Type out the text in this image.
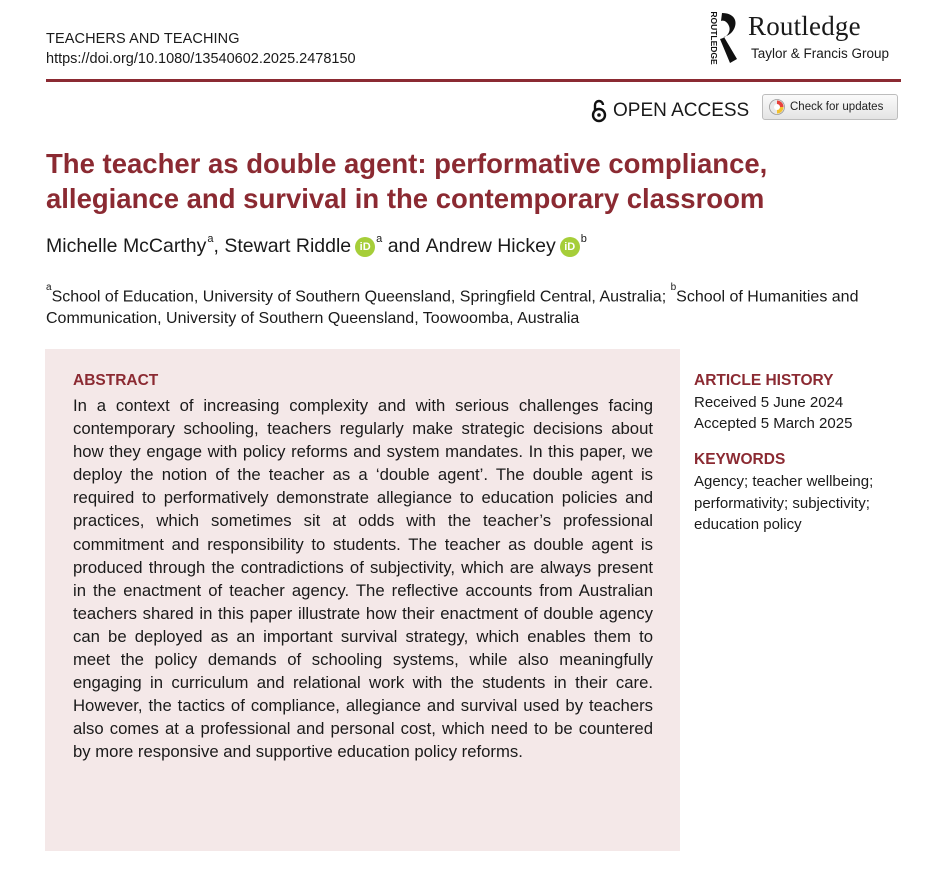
TEACHERS AND TEACHING
https://doi.org/10.1080/13540602.2025.2478150	ROUTLEDGE Routledge
Taylor & Francis Group
OPEN ACCESS	Check for updates
The teacher as double agent: performative compliance, allegiance and survival in the contemporary classroom
Michelle McCarthy$^a$ , Stewart Riddle iD
$^a$ and Andrew Hickey iD
$^b$
$^a$School of Education, University of Southern Queensland, Springfield Central, Australia; $^b$School of Humanities and Communication, University of Southern Queensland, Toowoomba, Australia
ABSTRACT
In a context of increasing complexity and with serious challenges facing contemporary schooling, teachers regularly make strategic decisions about how they engage with policy reforms and system mandates. In this paper, we deploy the notion of the teacher as a ‘double agent’. The double agent is required to performatively demonstrate allegiance to education policies and practices, which sometimes sit at odds with the teacher’s professional commitment and responsibility to students. The teacher as double agent is produced through the contradictions of subjectivity, which are always present in the enactment of teacher agency. The reflective accounts from Australian teachers shared in this paper illustrate how their enactment of double agency can be deployed as an important survival strategy, which enables them to meet the policy demands of schooling systems, while also meaningfully engaging in curriculum and relational work with the students in their care. However, the tactics of compliance, allegiance and survival used by teachers also comes at a professional and personal cost, which need to be countered by more responsive and supportive education policy reforms.
ARTICLE HISTORY
Received 5 June 2024
Accepted 5 March 2025
KEYWORDS
Agency; teacher wellbeing; performativity; subjectivity; education policy
